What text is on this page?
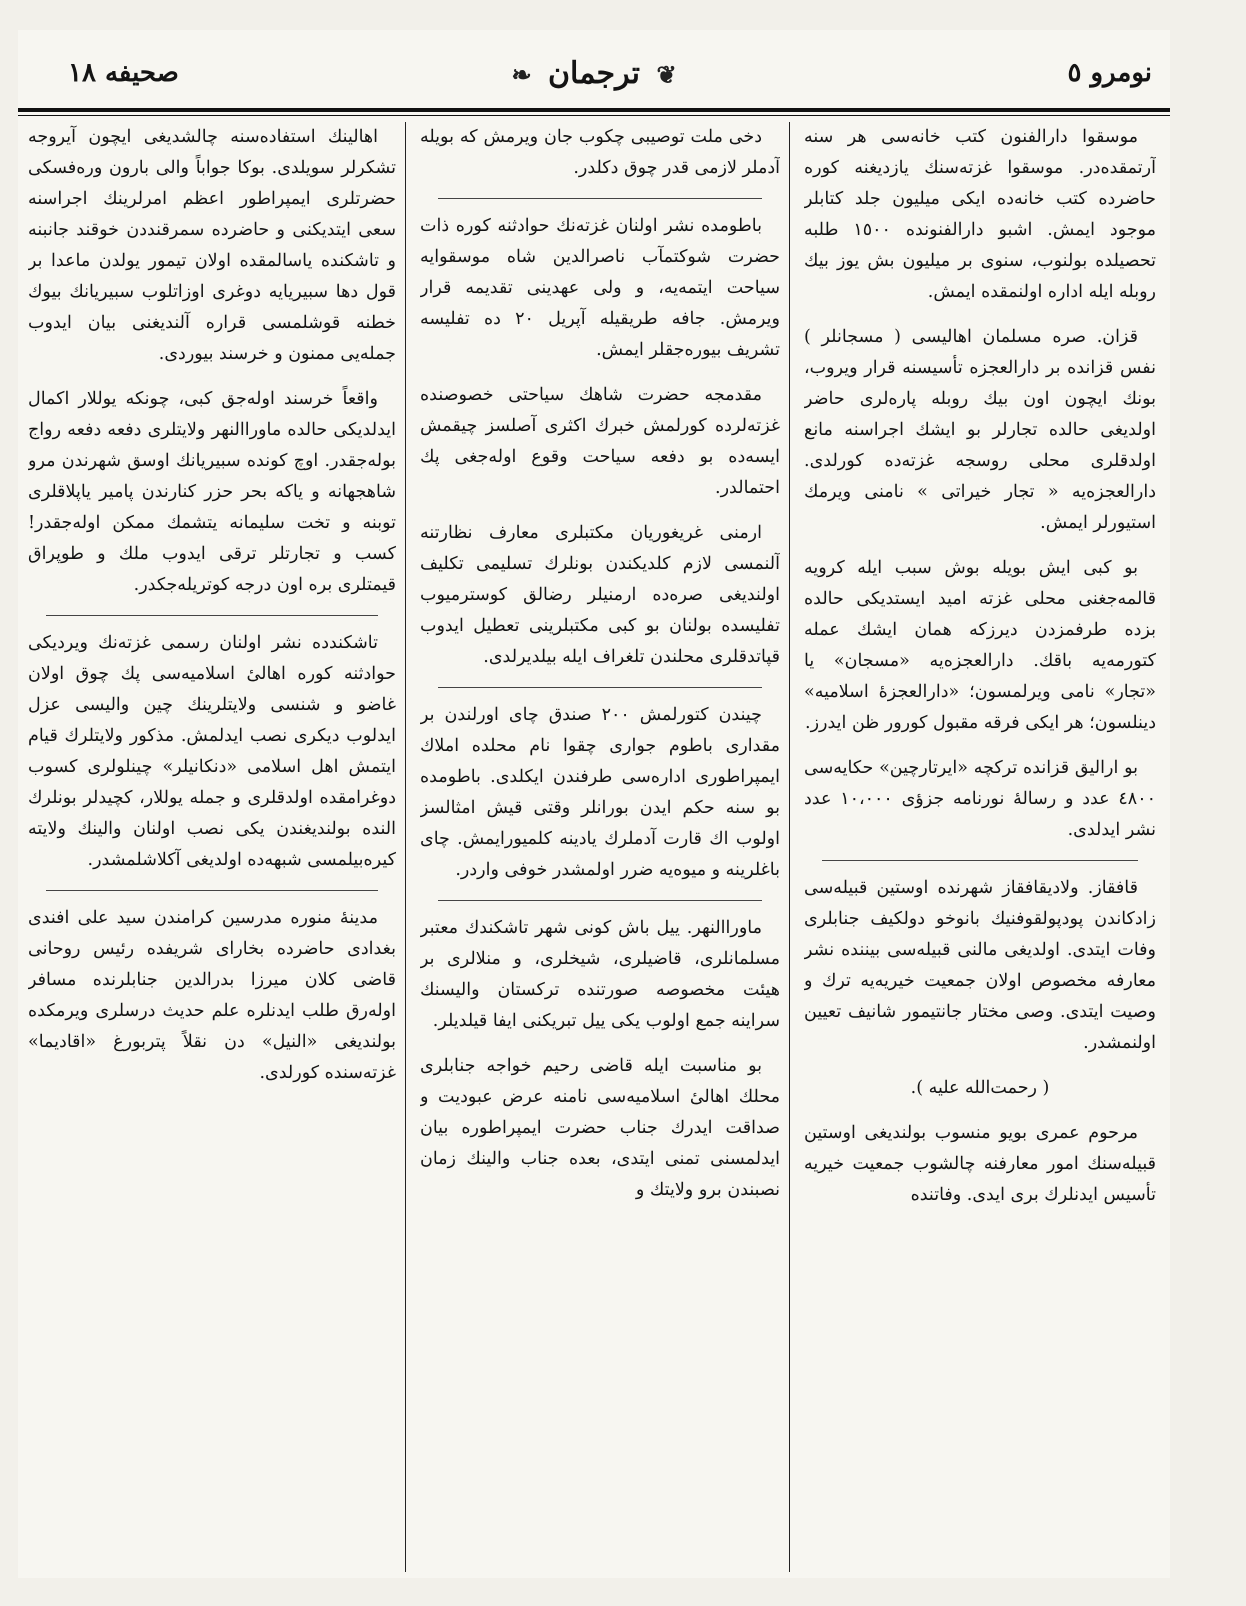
نومرو ٥
❦ ترجمان ❧
صحيفه ١٨

موسقوا دارالفنون كتب خانه‌سی هر سنه آرتمقده‌در. موسقوا غزته‌سنك يازديغنه كوره حاضرده كتب خانه‌ده ايكی ميليون جلد كتابلر موجود ايمش. اشبو دارالفنونده ١٥٠٠ طلبه تحصيلده بولنوب، سنوی بر ميليون بش يوز بيك روبله ايله اداره اولنمقده ايمش.

قزان. صره مسلمان اهاليسی ( مسجانلر ) نفس قزانده بر دارالعجزه تأسيسنه قرار ويروب، بونك ايچون اون بيك روبله پاره‌لری حاضر اولديغی حالده تجارلر بو ايشك اجراسنه مانع اولدقلری محلی روسجه غزته‌ده كورلدی. دارالعجزه‌يه « تجار خيراتی » نامنی ويرمك استيورلر ايمش.

بو كبی ايش بويله بوش سبب ايله كرويه قالمه‌جغنی محلی غزته اميد ايستديكی حالده بزده طرفمزدن ديرزكه همان ايشك عمله كتورمه‌يه باقك. دارالعجزه‌يه «مسجان» يا «تجار» نامی ويرلمسون؛ «دارالعجزهٔ اسلاميه» دينلسون؛ هر ايكی فرقه مقبول كورور ظن ايدرز.

بو اراليق قزانده تركچه «ايرتارچين» حكايه‌سی ٤٨٠٠ عدد و رسالهٔ نورنامه جزؤی ١٠،٠٠٠ عدد نشر ايدلدی.

قافقاز. ولاديقافقاز شهرنده اوستين قبيله‌سی زادكاندن پودپولقوفنيك بانوخو دولكيف جنابلری وفات ايتدی. اولديغی مالنی قبيله‌سی بيننده نشر معارفه مخصوص اولان جمعيت خيريه‌يه ترك و وصيت ايتدی. وصی مختار جانتيمور شانيف تعيين اولنمشدر.

( رحمت‌الله عليه ).

مرحوم عمری بويو منسوب بولنديغی اوستين قبيله‌سنك امور معارفنه چالشوب جمعيت خيريه تأسيس ايدنلرك بری ايدی. وفاتنده

دخی ملت توصيبی چكوب جان ويرمش كه بويله آدملر لازمی قدر چوق دكلدر.

باطومده نشر اولنان غزته‌نك حوادثنه كوره ذات حضرت شوكتمآب ناصرالدين شاه موسقوايه سياحت ايتمه‌يه، و ولی عهدينی تقديمه قرار ويرمش. جافه طريقيله آپريل ٢٠ ده تفليسه تشريف بيوره‌جقلر ايمش.

مقدمجه حضرت شاهك سياحتی خصوصنده غزته‌لرده كورلمش خبرك اكثری آصلسز چيقمش ايسه‌ده بو دفعه سياحت وقوع اوله‌جغی پك احتمالدر.

ارمنی غريغوريان مكتبلری معارف نظارتنه آلنمسی لازم كلديكندن بونلرك تسليمی تكليف اولنديغی صره‌ده ارمنيلر رضالق كوسترميوب تفليسده بولنان بو كبی مكتبلرينی تعطيل ايدوب قپاتدقلری محلندن تلغراف ايله بيلديرلدی.

چيندن كتورلمش ٢٠٠ صندق چای اورلندن بر مقداری باطوم جواری چقوا نام محلده املاك ايمپراطوری اداره‌سی طرفندن ايكلدی. باطومده بو سنه حكم ايدن بورانلر وقتی قيش امثالسز اولوب اك قارت آدملرك يادينه كلميورايمش. چای باغلرينه و ميوه‌يه ضرر اولمشدر خوفی واردر.

ماوراالنهر. ييل باش كونی شهر تاشكندك معتبر مسلمانلری، قاضيلری، شيخلری، و منلالری بر هيئت مخصوصه صورتنده تركستان واليسنك سراينه جمع اولوب يكی ييل تبريكنی ايفا قيلديلر.

بو مناسبت ايله قاضی رحيم خواجه جنابلری محلك اهالیٔ اسلاميه‌سی نامنه عرض عبوديت و صداقت ايدرك جناب حضرت ايمپراطوره بيان ايدلمسنی تمنی ايتدی، بعده جناب والينك زمان نصبندن برو ولايتك و

اهالينك استفاده‌سنه چالشديغی ايچون آيروجه تشكرلر سويلدی. بوكا جواباً والی بارون وره‌فسكی حضرتلری ايمپراطور اعظم امرلرينك اجراسنه سعی ايتديكنی و حاضرده سمرقنددن خوقند جانبنه و تاشكنده ياسالمقده اولان تيمور يولدن ماعدا بر قول دها سبيريايه دوغری اوزاتلوب سبيريانك بيوك خطنه قوشلمسی قراره آلنديغنی بيان ايدوب جمله‌يی ممنون و خرسند بيوردی.

واقعاً خرسند اوله‌جق كبی، چونكه يوللار اكمال ايدلديكی حالده ماوراالنهر ولايتلری دفعه دفعه رواج بوله‌جقدر. اوچ كونده سبيريانك اوسق شهرندن مرو شاهجهانه و ياكه بحر حزر كنارندن پامير ياپلاقلری توبنه و تخت سليمانه يتشمك ممكن اوله‌جقدر! كسب و تجارتلر ترقی ايدوب ملك و طوپراق قيمتلری بره اون درجه كوتريله‌جكدر.

تاشكندده نشر اولنان رسمی غزته‌نك ويرديكی حوادثنه كوره اهالیٔ اسلاميه‌سی پك چوق اولان غاضو و شنسی ولايتلرينك چين واليسی عزل ايدلوب ديكری نصب ايدلمش. مذكور ولايتلرك قيام ايتمش اهل اسلامی «دنكانيلر» چينلولری كسوب دوغرامقده اولدقلری و جمله يوللار، كچيدلر بونلرك النده بولنديغندن يكی نصب اولنان والينك ولايته كيره‌بيلمسی شبهه‌ده اولديغی آكلاشلمشدر.

مدينهٔ منوره مدرسين كرامندن سيد علی افندی بغدادی حاضرده بخارای شريفده رئيس روحانی قاضی كلان ميرزا بدرالدين جنابلرنده مسافر اوله‌رق طلب ايدنلره علم حديث درسلری ويرمكده بولنديغی «النيل» دن نقلاً پتربورغ «اقاديما» غزته‌سنده كورلدی.
